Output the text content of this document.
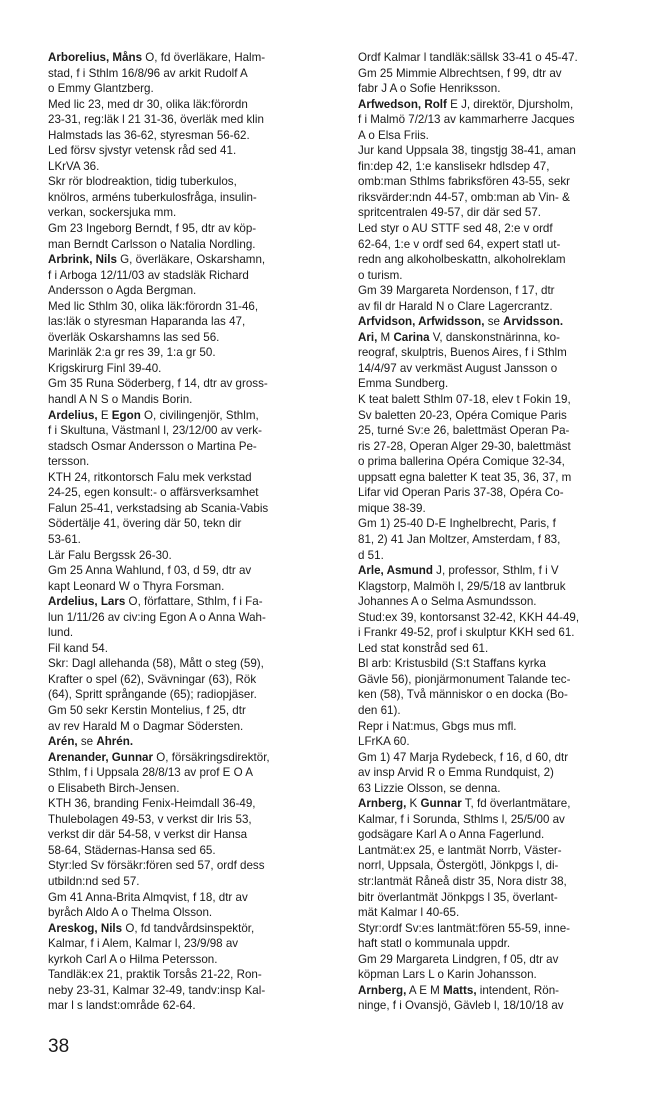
Arborelius, Måns O, fd överläkare, Halm-
stad, f i Sthlm 16/8/96 av arkit Rudolf A
o Emmy Glantzberg.
Med lic 23, med dr 30, olika läk:förordn
23-31, reg:läk l 21 31-36, överläk med klin
Halmstads las 36-62, styresman 56-62.
Led försv sjvstyr vetensk råd sed 41.
LKrVA 36.
Skr rör blodreaktion, tidig tuberkulos,
knölros, arméns tuberkulosfråga, insulin-
verkan, sockersjuka mm.
Gm 23 Ingeborg Berndt, f 95, dtr av köp-
man Berndt Carlsson o Natalia Nordling.
Arbrink, Nils G, överläkare, Oskarshamn,
f i Arboga 12/11/03 av stadsläk Richard
Andersson o Agda Bergman.
Med lic Sthlm 30, olika läk:förordn 31-46,
las:läk o styresman Haparanda las 47,
överläk Oskarshamns las sed 56.
Marinläk 2:a gr res 39, 1:a gr 50.
Krigskirurg Finl 39-40.
Gm 35 Runa Söderberg, f 14, dtr av gross-
handl A N S o Mandis Borin.
Ardelius, E Egon O, civilingenjör, Sthlm,
f i Skultuna, Västmanl l, 23/12/00 av verk-
stadsch Osmar Andersson o Martina Pe-
tersson.
KTH 24, ritkontorsch Falu mek verkstad
24-25, egen konsult:- o affärsverksamhet
Falun 25-41, verkstadsing ab Scania-Vabis
Södertälje 41, övering där 50, tekn dir
53-61.
Lär Falu Bergssk 26-30.
Gm 25 Anna Wahlund, f 03, d 59, dtr av
kapt Leonard W o Thyra Forsman.
Ardelius, Lars O, författare, Sthlm, f i Fa-
lun 1/11/26 av civ:ing Egon A o Anna Wah-
lund.
Fil kand 54.
Skr: Dagl allehanda (58), Mått o steg (59),
Krafter o spel (62), Svävningar (63), Rök
(64), Spritt språngande (65); radiopjäser.
Gm 50 sekr Kerstin Montelius, f 25, dtr
av rev Harald M o Dagmar Södersten.
Arén, se Ahrén.
Arenander, Gunnar O, försäkringsdirektör,
Sthlm, f i Uppsala 28/8/13 av prof E O A
o Elisabeth Birch-Jensen.
KTH 36, branding Fenix-Heimdall 36-49,
Thulebolagen 49-53, v verkst dir Iris 53,
verkst dir där 54-58, v verkst dir Hansa
58-64, Städernas-Hansa sed 65.
Styr:led Sv försäkr:fören sed 57, ordf dess
utbildn:nd sed 57.
Gm 41 Anna-Brita Almqvist, f 18, dtr av
byråch Aldo A o Thelma Olsson.
Areskog, Nils O, fd tandvårdsinspektör,
Kalmar, f i Alem, Kalmar l, 23/9/98 av
kyrkoh Carl A o Hilma Petersson.
Tandläk:ex 21, praktik Torsås 21-22, Ron-
neby 23-31, Kalmar 32-49, tandv:insp Kal-
mar l s landst:område 62-64.
Ordf Kalmar l tandläk:sällsk 33-41 o 45-47.
Gm 25 Mimmie Albrechtsen, f 99, dtr av
fabr J A o Sofie Henriksson.
Arfwedson, Rolf E J, direktör, Djursholm,
f i Malmö 7/2/13 av kammarherre Jacques
A o Elsa Friis.
Jur kand Uppsala 38, tingstjg 38-41, aman
fin:dep 42, 1:e kanslisekr hdlsdep 47,
omb:man Sthlms fabriksfören 43-55, sekr
riksvärder:ndn 44-57, omb:man ab Vin- &
spritcentralen 49-57, dir där sed 57.
Led styr o AU STTF sed 48, 2:e v ordf
62-64, 1:e v ordf sed 64, expert statl ut-
redn ang alkoholbeskattn, alkoholreklam
o turism.
Gm 39 Margareta Nordenson, f 17, dtr
av fil dr Harald N o Clare Lagercrantz.
Arfvidson, Arfwidsson, se Arvidsson.
Ari, M Carina V, danskonstnärinna, ko-
reograf, skulptris, Buenos Aires, f i Sthlm
14/4/97 av verkmäst August Jansson o
Emma Sundberg.
K teat balett Sthlm 07-18, elev t Fokin 19,
Sv baletten 20-23, Opéra Comique Paris
25, turné Sv:e 26, balettmäst Operan Pa-
ris 27-28, Operan Alger 29-30, balettmäst
o prima ballerina Opéra Comique 32-34,
uppsatt egna baletter K teat 35, 36, 37, m
Lifar vid Operan Paris 37-38, Opéra Co-
mique 38-39.
Gm 1) 25-40 D-E Inghelbrecht, Paris, f
81, 2) 41 Jan Moltzer, Amsterdam, f 83,
d 51.
Arle, Asmund J, professor, Sthlm, f i V
Klagstorp, Malmöh l, 29/5/18 av lantbruk
Johannes A o Selma Asmundsson.
Stud:ex 39, kontorsanst 32-42, KKH 44-49,
i Frankr 49-52, prof i skulptur KKH sed 61.
Led stat konstråd sed 61.
Bl arb: Kristusbild (S:t Staffans kyrka
Gävle 56), pionjärmonument Talande tec-
ken (58), Två människor o en docka (Bo-
den 61).
Repr i Nat:mus, Gbgs mus mfl.
LFrKA 60.
Gm 1) 47 Marja Rydebeck, f 16, d 60, dtr
av insp Arvid R o Emma Rundquist, 2)
63 Lizzie Olsson, se denna.
Arnberg, K Gunnar T, fd överlantmätare,
Kalmar, f i Sorunda, Sthlms l, 25/5/00 av
godsägare Karl A o Anna Fagerlund.
Lantmät:ex 25, e lantmät Norrb, Väster-
norrl, Uppsala, Östergötl, Jönkpgs l, di-
str:lantmät Råneå distr 35, Nora distr 38,
bitr överlantmät Jönkpgs l 35, överlant-
mät Kalmar l 40-65.
Styr:ordf Sv:es lantmät:fören 55-59, inne-
haft statl o kommunala uppdr.
Gm 29 Margareta Lindgren, f 05, dtr av
köpman Lars L o Karin Johansson.
Arnberg, A E M Matts, intendent, Rön-
ninge, f i Ovansjö, Gävleb l, 18/10/18 av
38
